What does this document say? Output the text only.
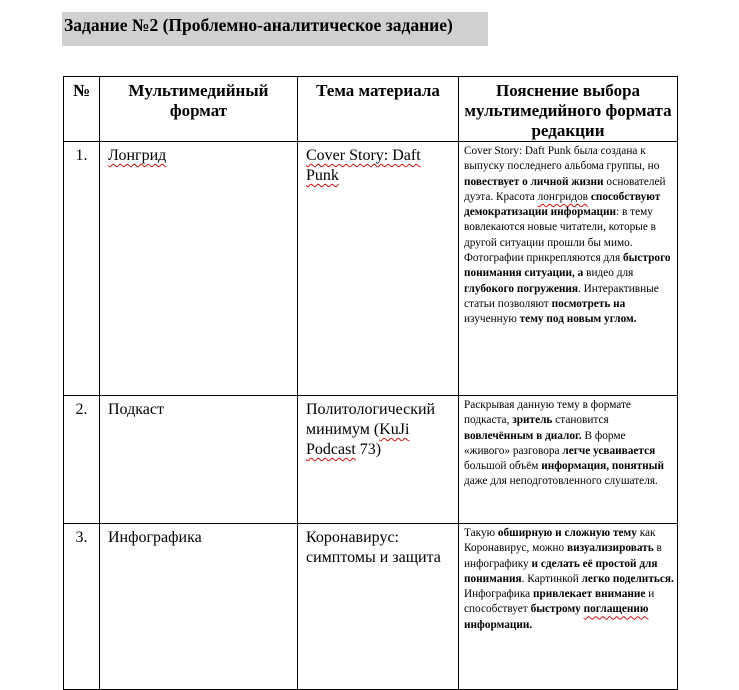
Задание №2 (Проблемно-аналитическое задание)
№	Мультимедийный формат	Тема материала	Пояснение выбора мультимедийного формата редакции
1.	Лонгрид	Cover Story: Daft Punk	Cover Story: Daft Punk была создана к выпуску последнего альбома группы, но повествует о личной жизни основателей дуэта. Красота лонгридов способствуют демократизации информации: в тему вовлекаются новые читатели, которые в другой ситуации прошли бы мимо. Фотографии прикрепляются для быстрого понимания ситуации, а видео для глубокого погружения. Интерактивные статьи позволяют посмотреть на изученную тему под новым углом.
2.	Подкаст	Политологический минимум (KuJi Podcast 73)	Раскрывая данную тему в формате подкаста, зритель становится вовлечённым в диалог. В форме «живого» разговора легче усваивается большой объём информация, понятный даже для неподготовленного слушателя.
3.	Инфографика	Коронавирус: симптомы и защита	Такую обширную и сложную тему как Коронавирус, можно визуализировать в инфографику и сделать её простой для понимания. Картинкой легко поделиться. Инфографика привлекает внимание и способствует быстрому поглащению информации.
